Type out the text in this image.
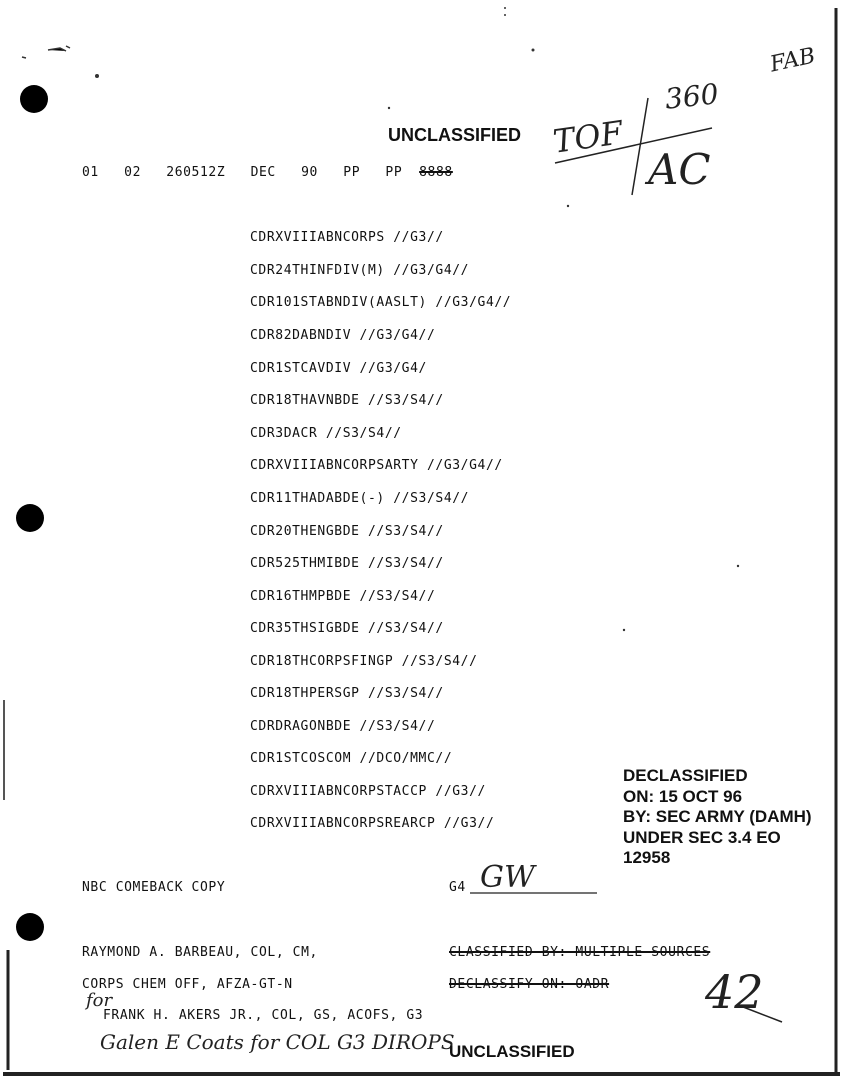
UNCLASSIFIED
01 02 260512Z DEC 90 PP PP 8888
CDRXVIIIABNCORPS //G3//
CDR24THINFDIV(M) //G3/G4//
CDR101STABNDIV(AASLT) //G3/G4//
CDR82DABNDIV //G3/G4//
CDR1STCAVDIV //G3/G4/
CDR18THAVNBDE //S3/S4//
CDR3DACR //S3/S4//
CDRXVIIIABNCORPSARTY //G3/G4//
CDR11THADABDE(-) //S3/S4//
CDR20THENGBDE //S3/S4//
CDR525THMIBDE //S3/S4//
CDR16THMPBDE //S3/S4//
CDR35THSIGBDE //S3/S4//
CDR18THCORPSFINGP //S3/S4//
CDR18THPERSGP //S3/S4//
CDRDRAGONBDE //S3/S4//
CDR1STCOSCOM //DCO/MMC//
CDRXVIIIABNCORPSTACCP //G3//
CDRXVIIIABNCORPSREARCP //G3//
DECLASSIFIED
ON: 15 OCT 96
BY: SEC ARMY (DAMH)
UNDER SEC 3.4 EO
12958
NBC COMEBACK COPY	G4 GW
RAYMOND A. BARBEAU, COL, CM,	CLASSIFIED BY: MULTIPLE SOURCES
CORPS CHEM OFF, AFZA-GT-N	DECLASSIFY ON: OADR
for
FRANK H. AKERS JR., COL, GS, ACOFS, G3
Galen E Coats for COL G3 DIROPS
UNCLASSIFIED
FAB
360
TOF
AC
42
